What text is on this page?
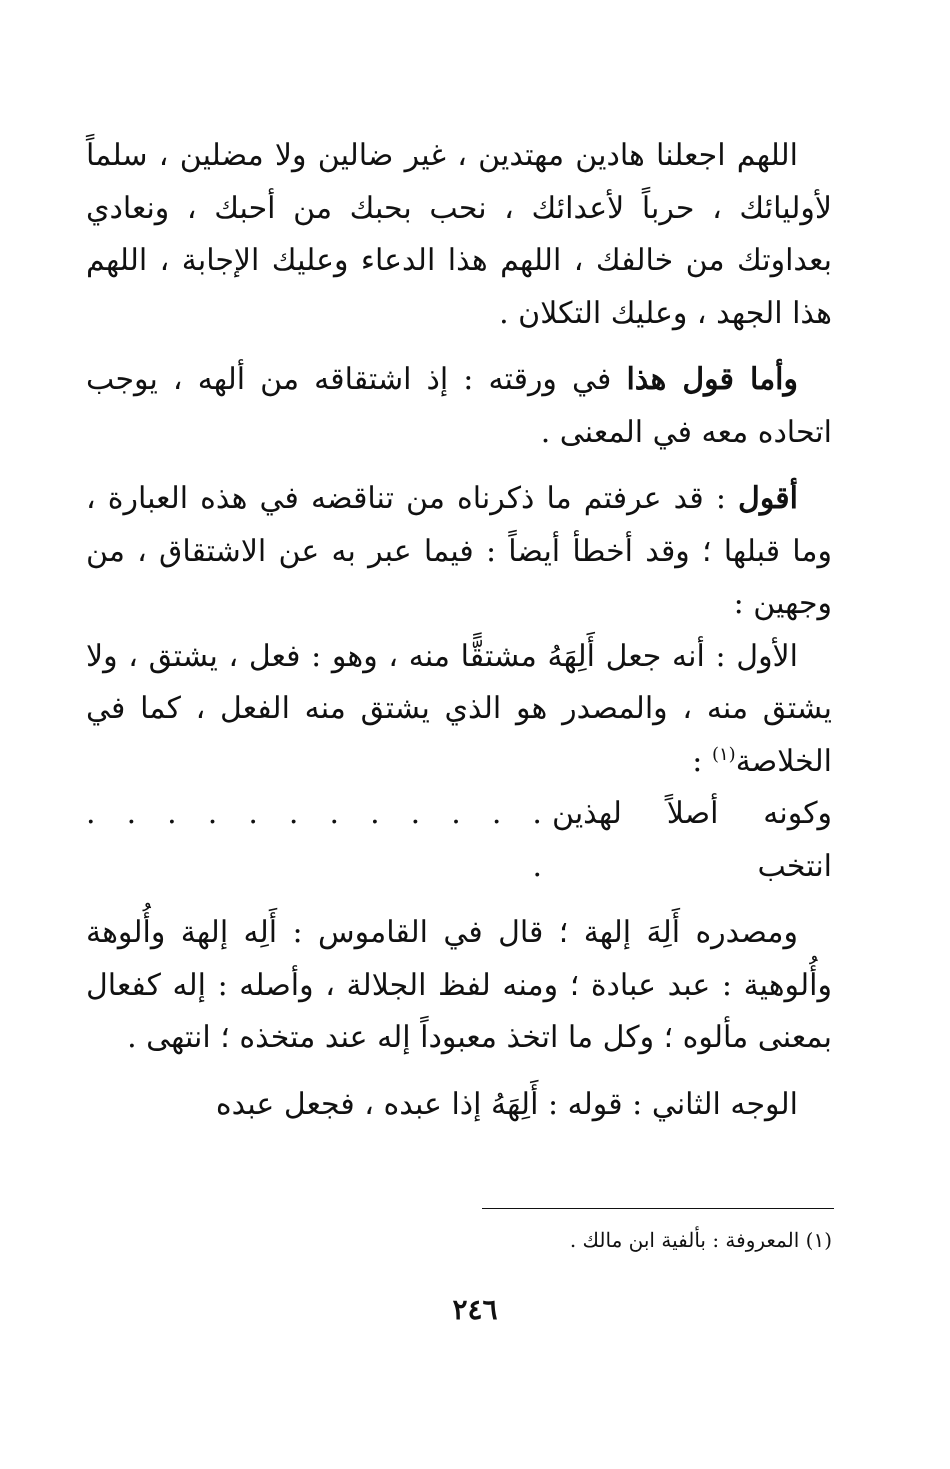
اللهم اجعلنا هادين مهتدين ، غير ضالين ولا مضلين ، سلماً لأوليائك ، حرباً لأعدائك ، نحب بحبك من أحبك ، ونعادي بعداوتك من خالفك ، اللهم هذا الدعاء وعليك الإجابة ، اللهم هذا الجهد ، وعليك التكلان .

وأما قول هذا في ورقته : إذ اشتقاقه من ألهه ، يوجب اتحاده معه في المعنى .

أقول : قد عرفتم ما ذكرناه من تناقضه في هذه العبارة ، وما قبلها ؛ وقد أخطأ أيضاً : فيما عبر به عن الاشتقاق ، من وجهين :

الأول : أنه جعل أَلِهَهُ مشتقًّا منه ، وهو : فعل ، يشتق ، ولا يشتق منه ، والمصدر هو الذي يشتق منه الفعل ، كما في الخلاصة$^{(١)}$ :

وكونه أصلاً لهذين انتخب
. . . . . . . . . . . . .

ومصدره أَلِهَ إلهة ؛ قال في القاموس : أَلِه إلهة وأُلوهة وأُلوهية : عبد عبادة ؛ ومنه لفظ الجلالة ، وأصله : إله كفعال بمعنى مألوه ؛ وكل ما اتخذ معبوداً إله عند متخذه ؛ انتهى .

الوجه الثاني : قوله : أَلِهَهُ إذا عبده ، فجعل عبده

(١) المعروفة : بألفية ابن مالك .
٢٤٦
